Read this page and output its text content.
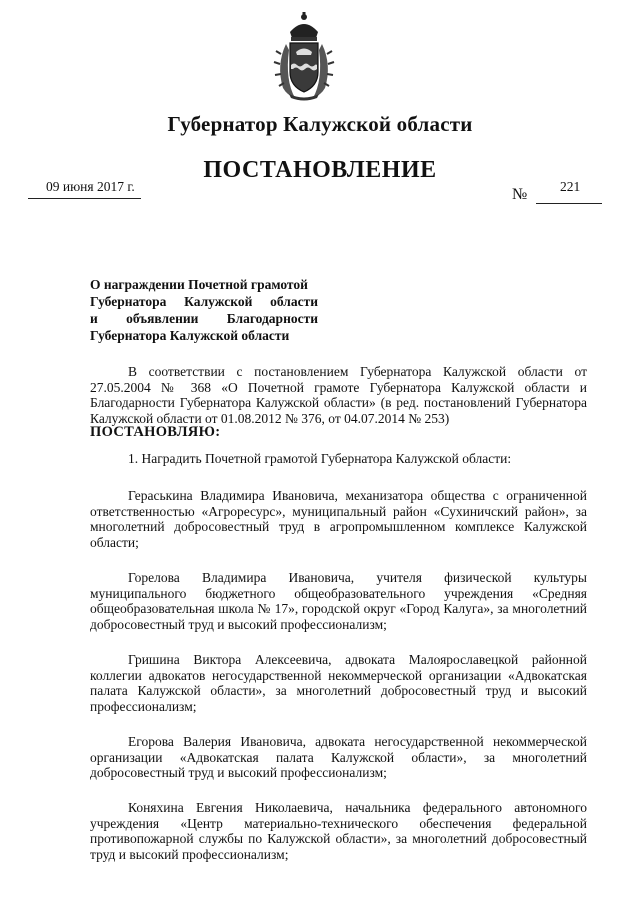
Губернатор Калужской области
ПОСТАНОВЛЕНИЕ
09 июня 2017 г.	№ 221
О награждении Почетной грамотой
Губернатора Калужской области
и объявлении Благодарности
Губернатора Калужской области

В соответствии с постановлением Губернатора Калужской области от 27.05.2004 № 368 «О Почетной грамоте Губернатора Калужской области и Благодарности Губернатора Калужской области» (в ред. постановлений Губернатора Калужской области от 01.08.2012 № 376, от 04.07.2014 № 253)

ПОСТАНОВЛЯЮ:
1. Наградить Почетной грамотой Губернатора Калужской области:

Гераськина Владимира Ивановича, механизатора общества с ограниченной ответственностью «Агроресурс», муниципальный район «Сухиничский район», за многолетний добросовестный труд в агропромышленном комплексе Калужской области;

Горелова Владимира Ивановича, учителя физической культуры муниципального бюджетного общеобразовательного учреждения «Средняя общеобразовательная школа № 17», городской округ «Город Калуга», за многолетний добросовестный труд и высокий профессионализм;

Гришина Виктора Алексеевича, адвоката Малоярославецкой районной коллегии адвокатов негосударственной некоммерческой организации «Адвокатская палата Калужской области», за многолетний добросовестный труд и высокий профессионализм;

Егорова Валерия Ивановича, адвоката негосударственной некоммерческой организации «Адвокатская палата Калужской области», за многолетний добросовестный труд и высокий профессионализм;

Коняхина Евгения Николаевича, начальника федерального автономного учреждения «Центр материально-технического обеспечения федеральной противопожарной службы по Калужской области», за многолетний добросовестный труд и высокий профессионализм;
